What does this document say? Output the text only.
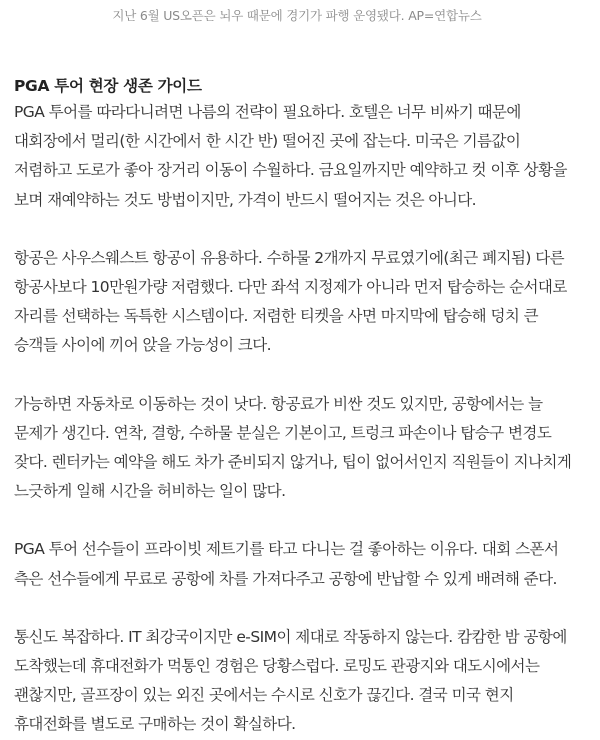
지난 6월 US오픈은 뇌우 때문에 경기가 파행 운영됐다. AP=연합뉴스

PGA 투어 현장 생존 가이드

PGA 투어를 따라다니려면 나름의 전략이 필요하다. 호텔은 너무 비싸기 때문에 대회장에서 멀리(한 시간에서 한 시간 반) 떨어진 곳에 잡는다. 미국은 기름값이 저렴하고 도로가 좋아 장거리 이동이 수월하다. 금요일까지만 예약하고 컷 이후 상황을 보며 재예약하는 것도 방법이지만, 가격이 반드시 떨어지는 것은 아니다.

항공은 사우스웨스트 항공이 유용하다. 수하물 2개까지 무료였기에(최근 폐지됨) 다른 항공사보다 10만원가량 저렴했다. 다만 좌석 지정제가 아니라 먼저 탑승하는 순서대로 자리를 선택하는 독특한 시스템이다. 저렴한 티켓을 사면 마지막에 탑승해 덩치 큰 승객들 사이에 끼어 앉을 가능성이 크다.

가능하면 자동차로 이동하는 것이 낫다. 항공료가 비싼 것도 있지만, 공항에서는 늘 문제가 생긴다. 연착, 결항, 수하물 분실은 기본이고, 트렁크 파손이나 탑승구 변경도 잦다. 렌터카는 예약을 해도 차가 준비되지 않거나, 팁이 없어서인지 직원들이 지나치게 느긋하게 일해 시간을 허비하는 일이 많다.

PGA 투어 선수들이 프라이빗 제트기를 타고 다니는 걸 좋아하는 이유다. 대회 스폰서 측은 선수들에게 무료로 공항에 차를 가져다주고 공항에 반납할 수 있게 배려해 준다.

통신도 복잡하다. IT 최강국이지만 e-SIM이 제대로 작동하지 않는다. 캄캄한 밤 공항에 도착했는데 휴대전화가 먹통인 경험은 당황스럽다. 로밍도 관광지와 대도시에서는 괜찮지만, 골프장이 있는 외진 곳에서는 수시로 신호가 끊긴다. 결국 미국 현지 휴대전화를 별도로 구매하는 것이 확실하다.
